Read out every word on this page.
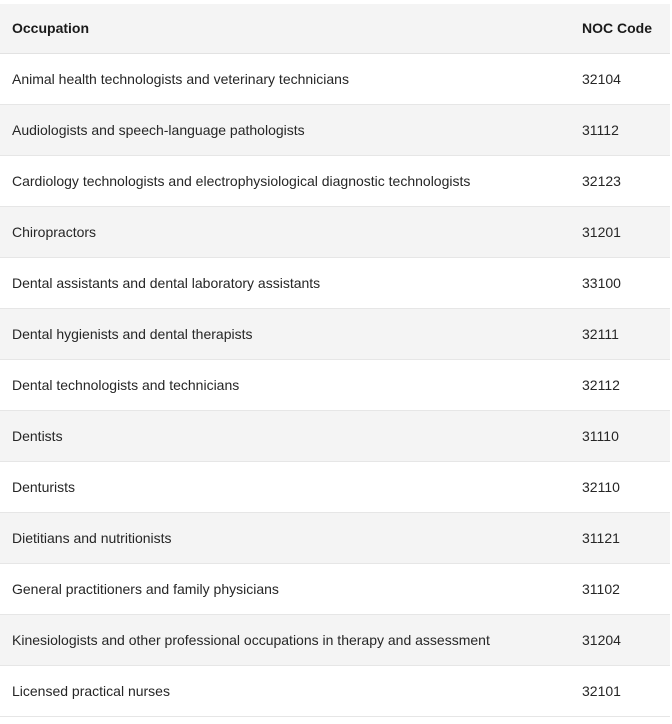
Occupation	NOC Code
Animal health technologists and veterinary technicians	32104
Audiologists and speech-language pathologists	31112
Cardiology technologists and electrophysiological diagnostic technologists	32123
Chiropractors	31201
Dental assistants and dental laboratory assistants	33100
Dental hygienists and dental therapists	32111
Dental technologists and technicians	32112
Dentists	31110
Denturists	32110
Dietitians and nutritionists	31121
General practitioners and family physicians	31102
Kinesiologists and other professional occupations in therapy and assessment	31204
Licensed practical nurses	32101
